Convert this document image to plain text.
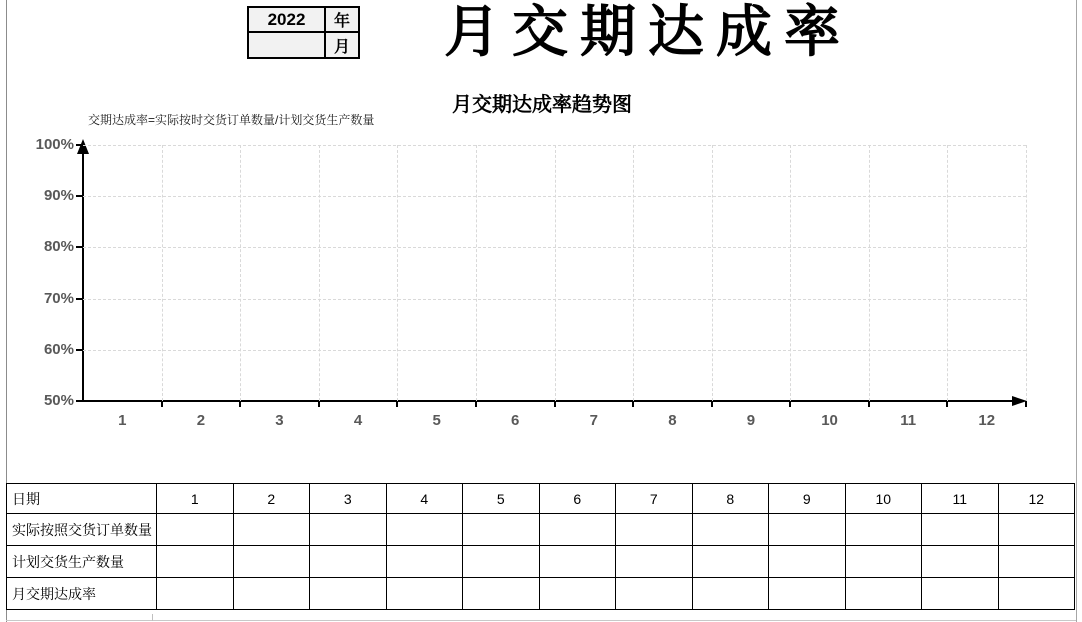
2022	年
	月 月交期达成率
月交期达成率趋势图
交期达成率=实际按时交货订单数量/计划交货生产数量
100%
90%
80%
70%
60%
50%
1	2	3	4	5	6	7	8	9	10	11	12
日期	1	2	3	4	5	6	7	8	9	10	11	12
实际按照交货订单数量												
计划交货生产数量												
月交期达成率												
